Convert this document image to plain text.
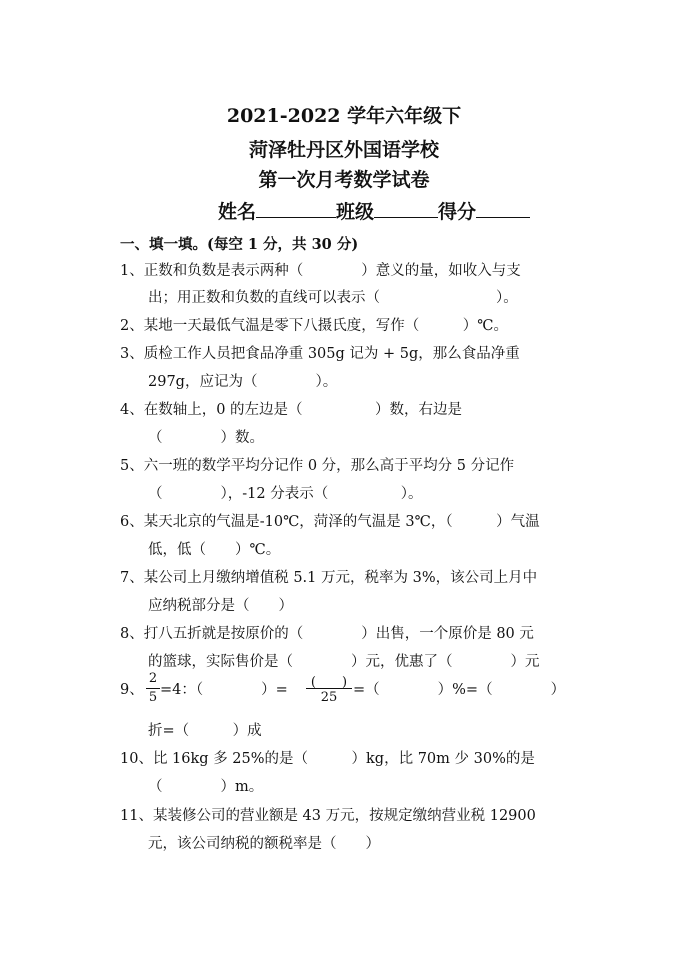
2021-2022 学年六年级下
菏泽牡丹区外国语学校
第一次月考数学试卷
姓名	班级	得分
一、填一填。(每空 1 分，共 30 分)
1、正数和负数是表示两种（　　　　）意义的量，如收入与支
出；用正数和负数的直线可以表示（　　　　　　　　）。
2、某地一天最低气温是零下八摄氏度，写作（　　　）℃。
3、质检工作人员把食品净重 305g 记为 + 5g，那么食品净重
297g，应记为（　　　　）。
4、在数轴上，0 的左边是（　　　　　）数，右边是
（　　　　）数。
5、六一班的数学平均分记作 0 分，那么高于平均分 5 分记作
（　　　　），-12 分表示（　　　　　）。
6、某天北京的气温是-10℃，菏泽的气温是 3℃，（　　　）气温
低，低（　　）℃。
7、某公司上月缴纳增值税 5.1 万元，税率为 3%，该公司上月中
应纳税部分是（　　）
8、打八五折就是按原价的（　　　　）出售，一个原价是 80 元
的篮球，实际售价是（　　　　）元，优惠了（　　　　）元
9、
2
5 =4：（　　　　）=	(　　)
25	=（　　　　）%=（　　　　）
折=（　　　）成
10、比 16kg 多 25%的是（　　　）kg，比 70m 少 30%的是
（　　　　）m。
11、某装修公司的营业额是 43 万元，按规定缴纳营业税 12900
元，该公司纳税的额税率是（　　）
